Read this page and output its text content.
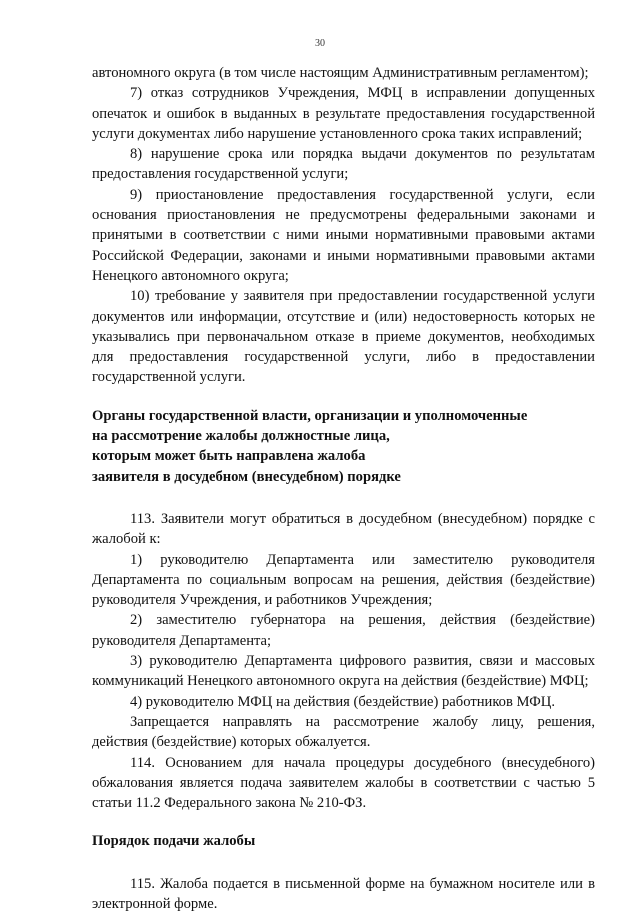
30

автономного округа (в том числе настоящим Административным регламентом);

7) отказ сотрудников Учреждения, МФЦ в исправлении допущенных опечаток и ошибок в выданных в результате предоставления государственной услуги документах либо нарушение установленного срока таких исправлений;

8) нарушение срока или порядка выдачи документов по результатам предоставления государственной услуги;

9) приостановление предоставления государственной услуги, если основания приостановления не предусмотрены федеральными законами и принятыми в соответствии с ними иными нормативными правовыми актами Российской Федерации, законами и иными нормативными правовыми актами Ненецкого автономного округа;

10) требование у заявителя при предоставлении государственной услуги документов или информации, отсутствие и (или) недостоверность которых не указывались при первоначальном отказе в приеме документов, необходимых для предоставления государственной услуги, либо в предоставлении государственной услуги.

Органы государственной власти, организации и уполномоченные

на рассмотрение жалобы должностные лица,

которым может быть направлена жалоба

заявителя в досудебном (внесудебном) порядке

113. Заявители могут обратиться в досудебном (внесудебном) порядке с жалобой к:

1) руководителю Департамента или заместителю руководителя Департамента по социальным вопросам на решения, действия (бездействие) руководителя Учреждения, и работников Учреждения;

2) заместителю губернатора на решения, действия (бездействие) руководителя Департамента;

3) руководителю Департамента цифрового развития, связи и массовых коммуникаций Ненецкого автономного округа на действия (бездействие) МФЦ;

4) руководителю МФЦ на действия (бездействие) работников МФЦ.

Запрещается направлять на рассмотрение жалобу лицу, решения, действия (бездействие) которых обжалуется.

114. Основанием для начала процедуры досудебного (внесудебного) обжалования является подача заявителем жалобы в соответствии с частью 5 статьи 11.2 Федерального закона № 210-ФЗ.

Порядок подачи жалобы

115. Жалоба подается в письменной форме на бумажном носителе или в электронной форме.
